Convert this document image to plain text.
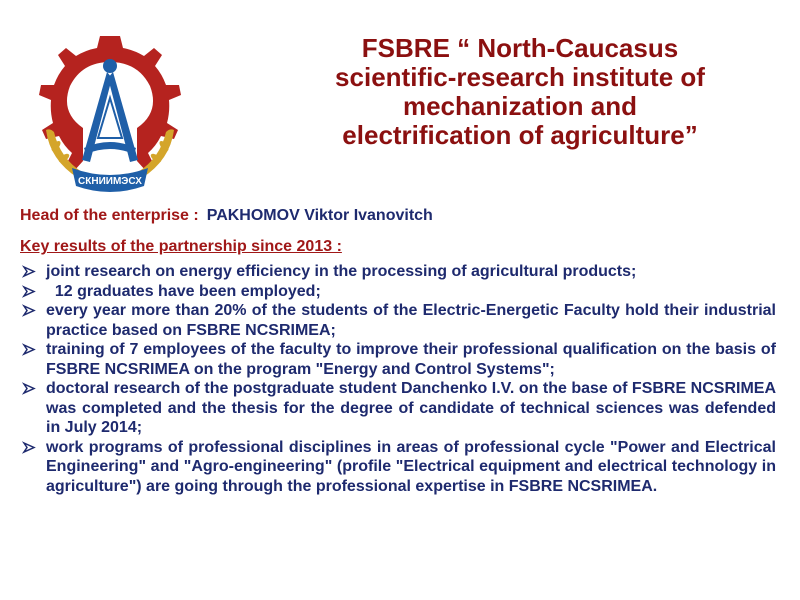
СКНИИМЭСХ
FSBRE “ North-Caucasus
scientific-research institute of
mechanization and
electrification of agriculture”
Head of the enterprise : PAKHOMOV Viktor Ivanovitch
Key results of the partnership since 2013 :
joint research on energy efficiency in the processing of agricultural products;
12 graduates have been employed;
every year more than 20% of the students of the Electric-Energetic Faculty hold their industrial practice based on FSBRE NCSRIMEA;
training of 7 employees of the faculty to improve their professional qualification on the basis of FSBRE NCSRIMEA on the program "Energy and Control Systems";
doctoral research of the postgraduate student Danchenko I.V. on the base of FSBRE NCSRIMEA was completed and the thesis for the degree of candidate of technical sciences was defended in July 2014;
work programs of professional disciplines in areas of professional cycle "Power and Electrical Engineering" and "Agro-engineering" (profile "Electrical equipment and electrical technology in agriculture") are going through the professional expertise in FSBRE NCSRIMEA.
